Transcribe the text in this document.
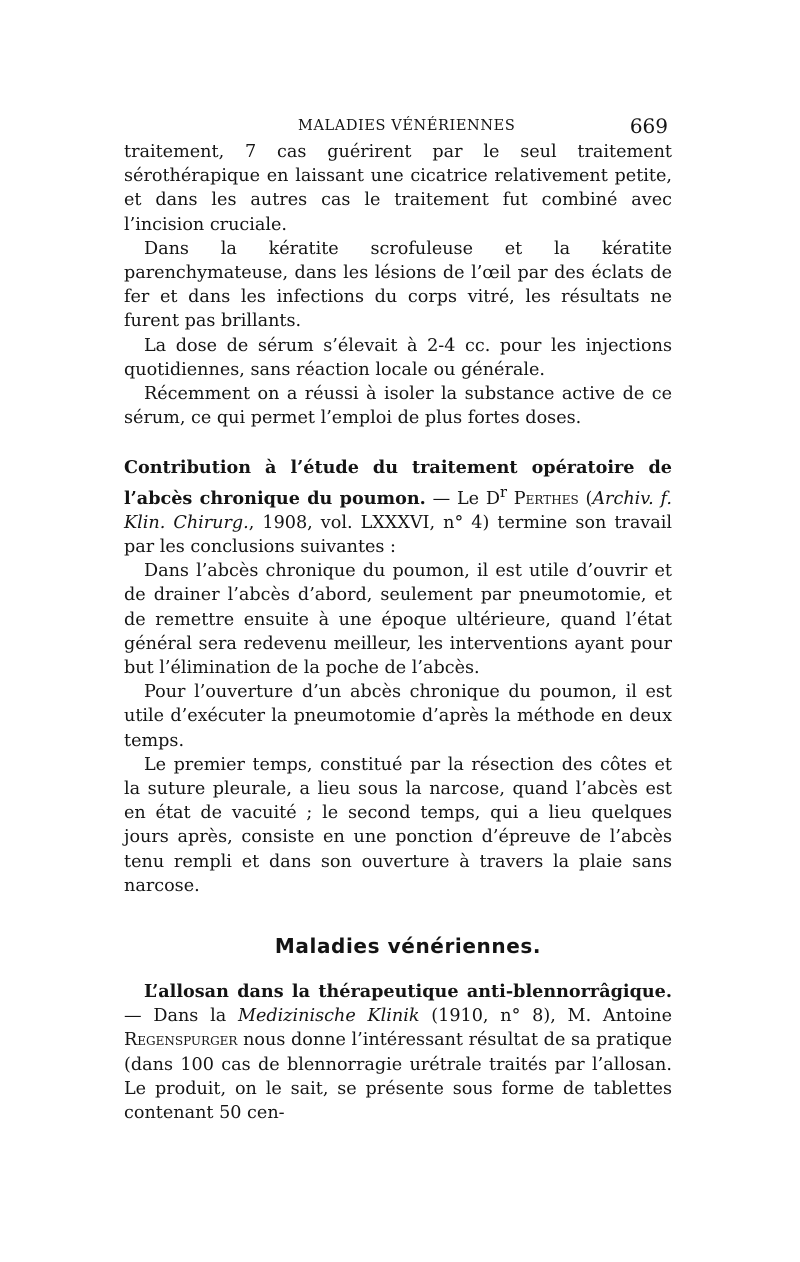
MALADIES VÉNÉRIENNES	669

traitement, 7 cas guérirent par le seul traitement sérothérapique en laissant une cicatrice relativement petite, et dans les autres cas le traitement fut combiné avec l’incision cruciale.

Dans la kératite scrofuleuse et la kératite parenchymateuse, dans les lésions de l’œil par des éclats de fer et dans les infections du corps vitré, les résultats ne furent pas brillants.

La dose de sérum s’élevait à 2-4 cc. pour les injections quotidiennes, sans réaction locale ou générale.

Récemment on a réussi à isoler la substance active de ce sérum, ce qui permet l’emploi de plus fortes doses.

Contribution à l’étude du traitement opératoire de l’abcès chronique du poumon. — Le $D^r$ Perthes (Archiv. f. Klin. Chirurg., 1908, vol. LXXXVI, n° 4) termine son travail par les conclusions suivantes :

Dans l’abcès chronique du poumon, il est utile d’ouvrir et de drainer l’abcès d’abord, seulement par pneumotomie, et de remettre ensuite à une époque ultérieure, quand l’état général sera redevenu meilleur, les interventions ayant pour but l’élimination de la poche de l’abcès.

Pour l’ouverture d’un abcès chronique du poumon, il est utile d’exécuter la pneumotomie d’après la méthode en deux temps.

Le premier temps, constitué par la résection des côtes et la suture pleurale, a lieu sous la narcose, quand l’abcès est en état de vacuité ; le second temps, qui a lieu quelques jours après, consiste en une ponction d’épreuve de l’abcès tenu rempli et dans son ouverture à travers la plaie sans narcose.

Maladies vénériennes.

L’allosan dans la thérapeutique anti-blennorrâgique. — Dans la Medizinische Klinik (1910, n° 8), M. Antoine Regenspurger nous donne l’intéressant résultat de sa pratique (dans 100 cas de blennorragie urétrale traités par l’allosan. Le produit, on le sait, se présente sous forme de tablettes contenant 50 cen-
